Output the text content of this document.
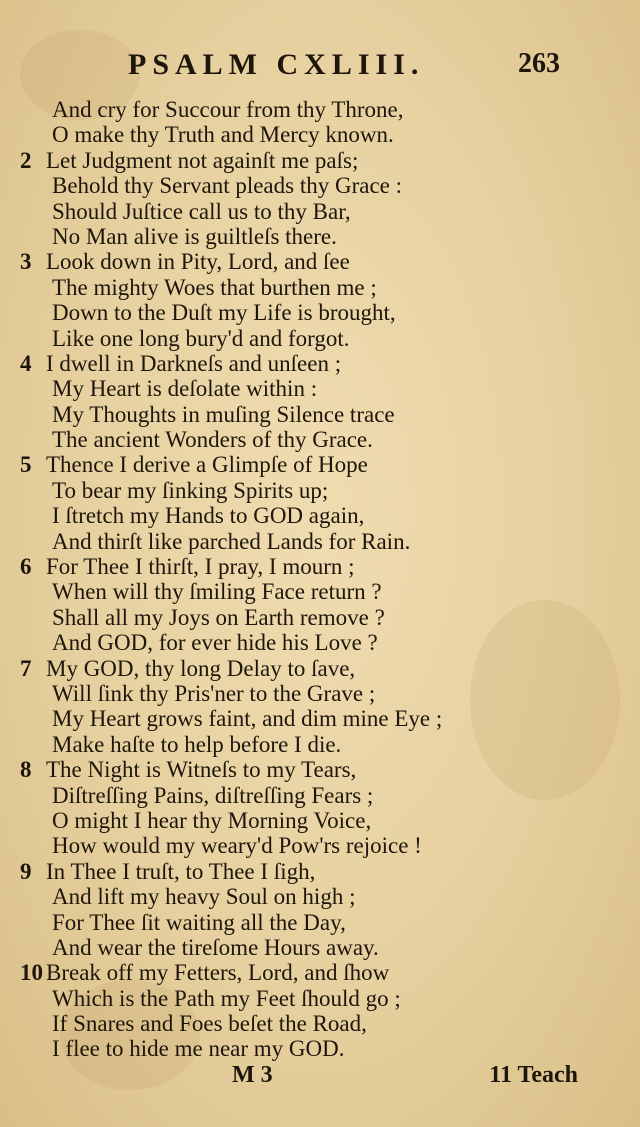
PSALM CXLIII.	263
And cry for Succour from thy Throne,
O make thy Truth and Mercy known.
2 Let Judgment not againſt me paſs;
Behold thy Servant pleads thy Grace :
Should Juſtice call us to thy Bar,
No Man alive is guiltleſs there.
3 Look down in Pity, Lord, and ſee
The mighty Woes that burthen me ;
Down to the Duſt my Life is brought,
Like one long bury'd and forgot.
4 I dwell in Darkneſs and unſeen ;
My Heart is deſolate within :
My Thoughts in muſing Silence trace
The ancient Wonders of thy Grace.
5 Thence I derive a Glimpſe of Hope
To bear my ſinking Spirits up;
I ſtretch my Hands to GOD again,
And thirſt like parched Lands for Rain.
6 For Thee I thirſt, I pray, I mourn ;
When will thy ſmiling Face return ?
Shall all my Joys on Earth remove ?
And GOD, for ever hide his Love ?
7 My GOD, thy long Delay to ſave,
Will ſink thy Pris'ner to the Grave ;
My Heart grows faint, and dim mine Eye ;
Make haſte to help before I die.
8 The Night is Witneſs to my Tears,
Diſtreſſing Pains, diſtreſſing Fears ;
O might I hear thy Morning Voice,
How would my weary'd Pow'rs rejoice !
9 In Thee I truſt, to Thee I ſigh,
And lift my heavy Soul on high ;
For Thee ſit waiting all the Day,
And wear the tireſome Hours away.
10 Break off my Fetters, Lord, and ſhow
Which is the Path my Feet ſhould go ;
If Snares and Foes beſet the Road,
I flee to hide me near my GOD.
M 3	11 Teach
